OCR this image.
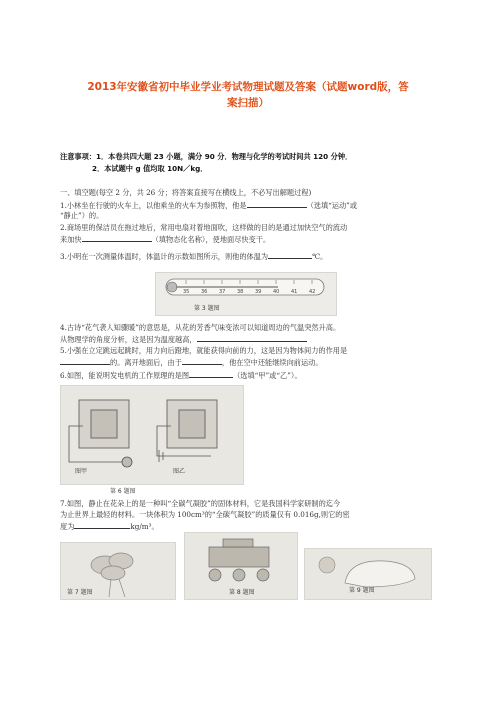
2013年安徽省初中毕业学业考试物理试题及答案（试题word版，答
案扫描）
注意事项：1．本卷共四大题 23 小题，满分 90 分．物理与化学的考试时间共 120 分钟．
2．本试题中 g 值均取 10N／kg．
一、填空题(每空 2 分，共 26 分；将答案直接写在横线上，不必写出解题过程)
1.小林坐在行驶的火车上，以他乘坐的火车为参照物，他是	（选填“运动”或
“静止”）的。
2.商场里的保洁员在拖过地后，常用电扇对着地面吹，这样做的目的是通过加快空气的流动
来加快	（填物态化名称），使地面尽快变干。
3.小明在一次测量体温时，体温计的示数如图所示，则他的体温为	℃。
35 36 37 38 39 40 41 42
第 3 题图
4.古诗“花气袭人知骤暖”的意思是，从花的芳香气味变浓可以知道周边的气温突然升高。
从物理学的角度分析，这是因为温度越高，
5.小强在立定跳远起跳时，用力向后蹬地，就能获得向前的力，这是因为物体间力的作用是
的。离开地面后，由于	，他在空中还能继续向前运动。
6.如图，能说明发电机的工作原理的是图	（选填“甲”或“乙”）。
图甲	图乙
第 6 题图
7.如图，静止在花朵上的是一种叫“全碳气凝胶”的固体材料，它是我国科学家研制的迄今
为止世界上最轻的材料。一块体积为 100cm³的“全碳气凝胶”的质量仅有 0.016g,则它的密
度为	kg/m³。
第 7 题图	第 8 题图	第 9 题图
